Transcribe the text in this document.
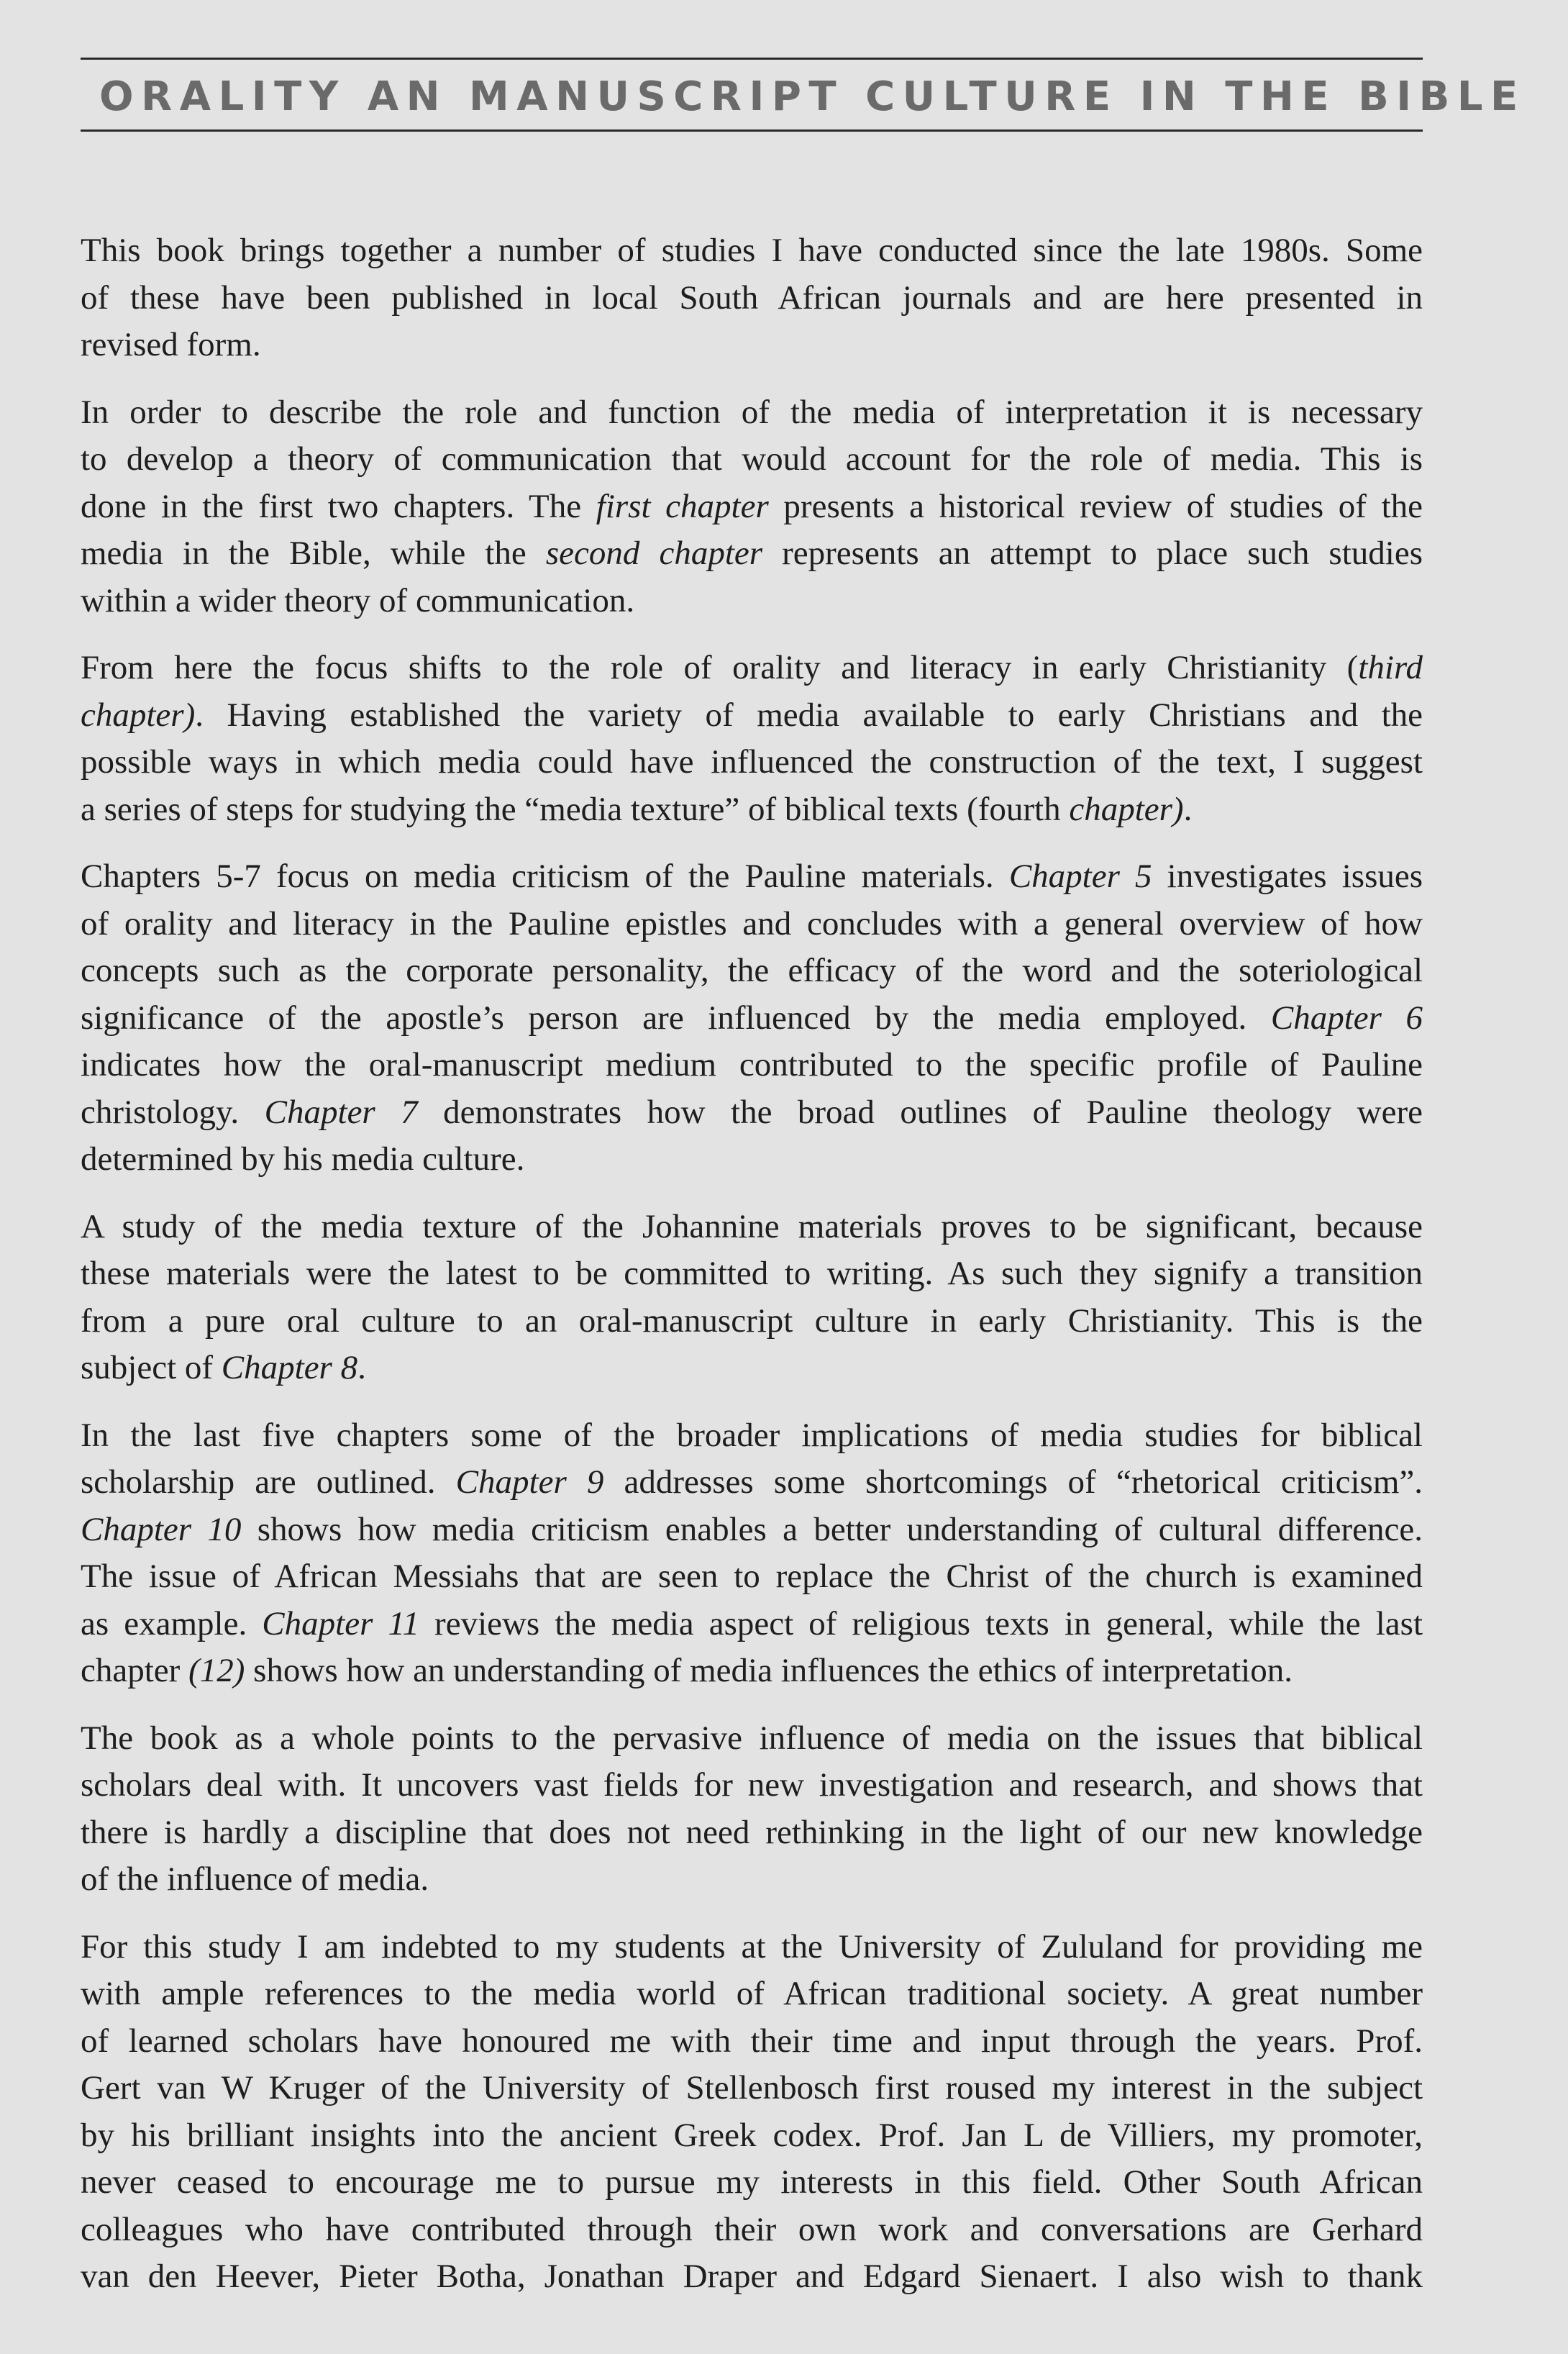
ORALITY AN MANUSCRIPT CULTURE IN THE BIBLE
This book brings together a number of studies I have conducted since the late 1980s. Some
of these have been published in local South African journals and are here presented in
revised form.
In order to describe the role and function of the media of interpretation it is necessary
to develop a theory of communication that would account for the role of media. This is
done in the first two chapters. The first chapter presents a historical review of studies of the
media in the Bible, while the second chapter represents an attempt to place such studies
within a wider theory of communication.
From here the focus shifts to the role of orality and literacy in early Christianity (third
chapter). Having established the variety of media available to early Christians and the
possible ways in which media could have influenced the construction of the text, I suggest
a series of steps for studying the “media texture” of biblical texts (fourth chapter).
Chapters 5-7 focus on media criticism of the Pauline materials. Chapter 5 investigates issues
of orality and literacy in the Pauline epistles and concludes with a general overview of how
concepts such as the corporate personality, the efficacy of the word and the soteriological
significance of the apostle’s person are influenced by the media employed. Chapter 6
indicates how the oral-manuscript medium contributed to the specific profile of Pauline
christology. Chapter 7 demonstrates how the broad outlines of Pauline theology were
determined by his media culture.
A study of the media texture of the Johannine materials proves to be significant, because
these materials were the latest to be committed to writing. As such they signify a transition
from a pure oral culture to an oral-manuscript culture in early Christianity. This is the
subject of Chapter 8.
In the last five chapters some of the broader implications of media studies for biblical
scholarship are outlined. Chapter 9 addresses some shortcomings of “rhetorical criticism”.
Chapter 10 shows how media criticism enables a better understanding of cultural difference.
The issue of African Messiahs that are seen to replace the Christ of the church is examined
as example. Chapter 11 reviews the media aspect of religious texts in general, while the last
chapter (12) shows how an understanding of media influences the ethics of interpretation.
The book as a whole points to the pervasive influence of media on the issues that biblical
scholars deal with. It uncovers vast fields for new investigation and research, and shows that
there is hardly a discipline that does not need rethinking in the light of our new knowledge
of the influence of media.
For this study I am indebted to my students at the University of Zululand for providing me
with ample references to the media world of African traditional society. A great number
of learned scholars have honoured me with their time and input through the years. Prof.
Gert van W Kruger of the University of Stellenbosch first roused my interest in the subject
by his brilliant insights into the ancient Greek codex. Prof. Jan L de Villiers, my promoter,
never ceased to encourage me to pursue my interests in this field. Other South African
colleagues who have contributed through their own work and conversations are Gerhard
van den Heever, Pieter Botha, Jonathan Draper and Edgard Sienaert. I also wish to thank
